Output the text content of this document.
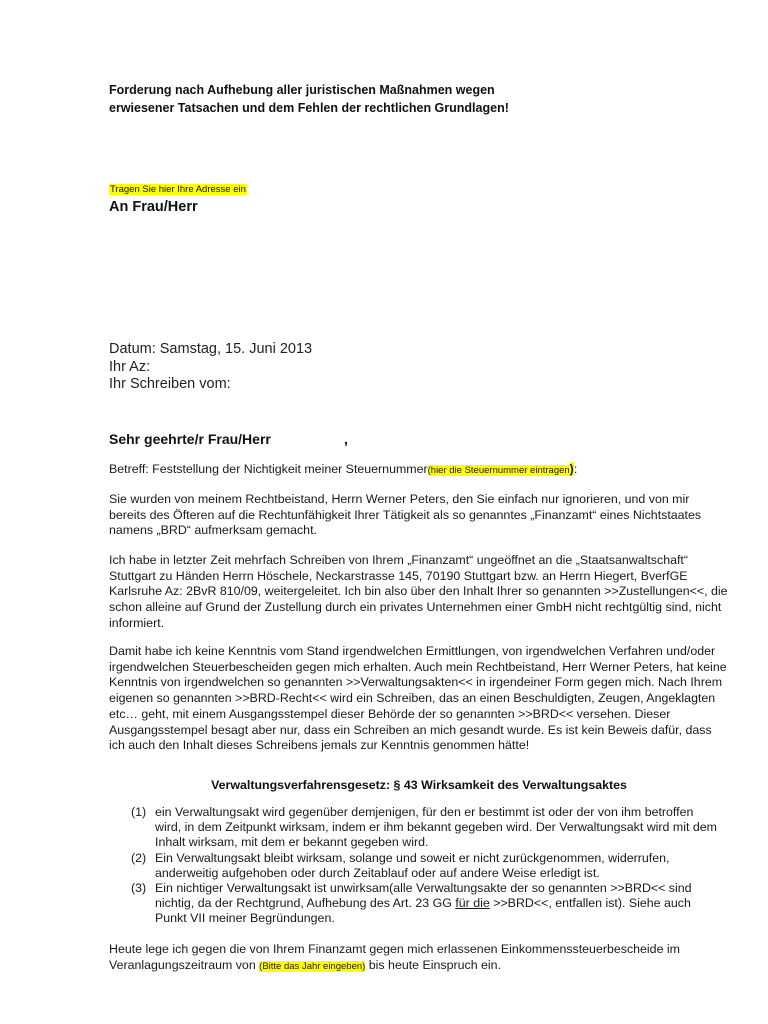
Forderung nach Aufhebung aller juristischen Maßnahmen wegen
erwiesener Tatsachen und dem Fehlen der rechtlichen Grundlagen!
Tragen Sie hier Ihre Adresse ein
An Frau/Herr
Datum: Samstag, 15. Juni 2013
Ihr Az:
Ihr Schreiben vom:
Sehr geehrte/r Frau/Herr	,
Betreff: Feststellung der Nichtigkeit meiner Steuernummer(hier die Steuernummer eintragen):
Sie wurden von meinem Rechtbeistand, Herrn Werner Peters, den Sie einfach nur ignorieren, und von mir bereits des Öfteren auf die Rechtunfähigkeit Ihrer Tätigkeit als so genanntes „Finanzamt“ eines Nichtstaates namens „BRD“ aufmerksam gemacht.
Ich habe in letzter Zeit mehrfach Schreiben von Ihrem „Finanzamt“ ungeöffnet an die „Staatsanwaltschaft“ Stuttgart zu Händen Herrn Höschele, Neckarstrasse 145, 70190 Stuttgart bzw. an Herrn Hiegert, BverfGE Karlsruhe Az: 2BvR 810/09, weitergeleitet. Ich bin also über den Inhalt Ihrer so genannten >>Zustellungen<<, die schon alleine auf Grund der Zustellung durch ein privates Unternehmen einer GmbH nicht rechtgültig sind, nicht informiert.
Damit habe ich keine Kenntnis vom Stand irgendwelchen Ermittlungen, von irgendwelchen Verfahren und/oder irgendwelchen Steuerbescheiden gegen mich erhalten. Auch mein Rechtbeistand, Herr Werner Peters, hat keine Kenntnis von irgendwelchen so genannten >>Verwaltungsakten<< in irgendeiner Form gegen mich. Nach Ihrem eigenen so genannten >>BRD-Recht<< wird ein Schreiben, das an einen Beschuldigten, Zeugen, Angeklagten etc… geht, mit einem Ausgangsstempel dieser Behörde der so genannten >>BRD<< versehen. Dieser Ausgangsstempel besagt aber nur, dass ein Schreiben an mich gesandt wurde. Es ist kein Beweis dafür, dass ich auch den Inhalt dieses Schreibens jemals zur Kenntnis genommen hätte!
Verwaltungsverfahrensgesetz: § 43 Wirksamkeit des Verwaltungsaktes
(1) ein Verwaltungsakt wird gegenüber demjenigen, für den er bestimmt ist oder der von ihm betroffen wird, in dem Zeitpunkt wirksam, indem er ihm bekannt gegeben wird. Der Verwaltungsakt wird mit dem Inhalt wirksam, mit dem er bekannt gegeben wird.
(2) Ein Verwaltungsakt bleibt wirksam, solange und soweit er nicht zurückgenommen, widerrufen, anderweitig aufgehoben oder durch Zeitablauf oder auf andere Weise erledigt ist.
(3) Ein nichtiger Verwaltungsakt ist unwirksam(alle Verwaltungsakte der so genannten >>BRD<< sind nichtig, da der Rechtgrund, Aufhebung des Art. 23 GG für die >>BRD<<, entfallen ist). Siehe auch Punkt VII meiner Begründungen.
Heute lege ich gegen die von Ihrem Finanzamt gegen mich erlassenen Einkommenssteuerbescheide im Veranlagungszeitraum von (Bitte das Jahr eingeben) bis heute Einspruch ein.
